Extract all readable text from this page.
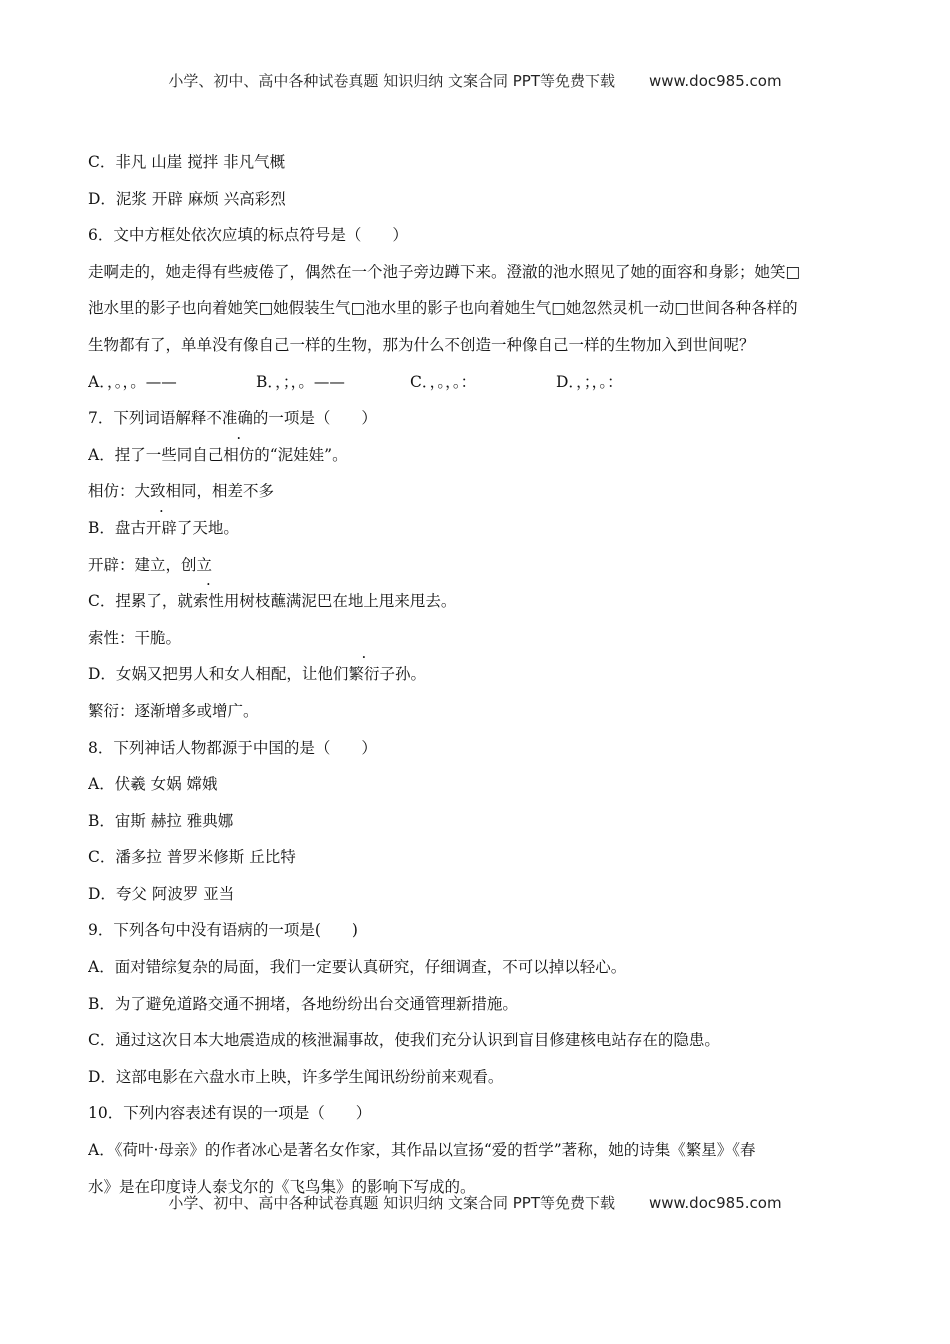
小学、初中、高中各种试卷真题 知识归纳 文案合同 PPT等免费下载 www.doc985.com
C．非凡 山崖 搅拌 非凡气概
D．泥浆 开辟 麻烦 兴高彩烈
6．文中方框处依次应填的标点符号是（　　）
走啊走的，她走得有些疲倦了，偶然在一个池子旁边蹲下来。澄澈的池水照见了她的面容和身影；她笑□
池水里的影子也向着她笑□她假装生气□池水里的影子也向着她生气□她忽然灵机一动□世间各种各样的
生物都有了，单单没有像自己一样的生物，那为什么不创造一种像自己一样的生物加入到世间呢？
A．，。，。——	B．，；，。——	C．，。，。：	D．，；，。：
7．下列词语解释不准确的一项是（　　）
A．捏了一些同自己相仿的“泥娃娃”。
相仿：大致相同，相差不多
B．盘古开辟了天地。
开辟：建立，创立
C．捏累了，就索性用树枝蘸满泥巴在地上甩来甩去。
索性：干脆。
D．女娲又把男人和女人相配，让他们繁衍子孙。
繁衍：逐渐增多或增广。
8．下列神话人物都源于中国的是（　　）
A．伏羲 女娲 嫦娥
B．宙斯 赫拉 雅典娜
C．潘多拉 普罗米修斯 丘比特
D．夸父 阿波罗 亚当
9．下列各句中没有语病的一项是(　　)
A．面对错综复杂的局面，我们一定要认真研究，仔细调查，不可以掉以轻心。
B．为了避免道路交通不拥堵，各地纷纷出台交通管理新措施。
C．通过这次日本大地震造成的核泄漏事故，使我们充分认识到盲目修建核电站存在的隐患。
D．这部电影在六盘水市上映，许多学生闻讯纷纷前来观看。
10．下列内容表述有误的一项是（　　）
A．《荷叶·母亲》的作者冰心是著名女作家，其作品以宣扬“爱的哲学”著称，她的诗集《繁星》《春
水》是在印度诗人泰戈尔的《飞鸟集》的影响下写成的。
小学、初中、高中各种试卷真题 知识归纳 文案合同 PPT等免费下载 www.doc985.com
